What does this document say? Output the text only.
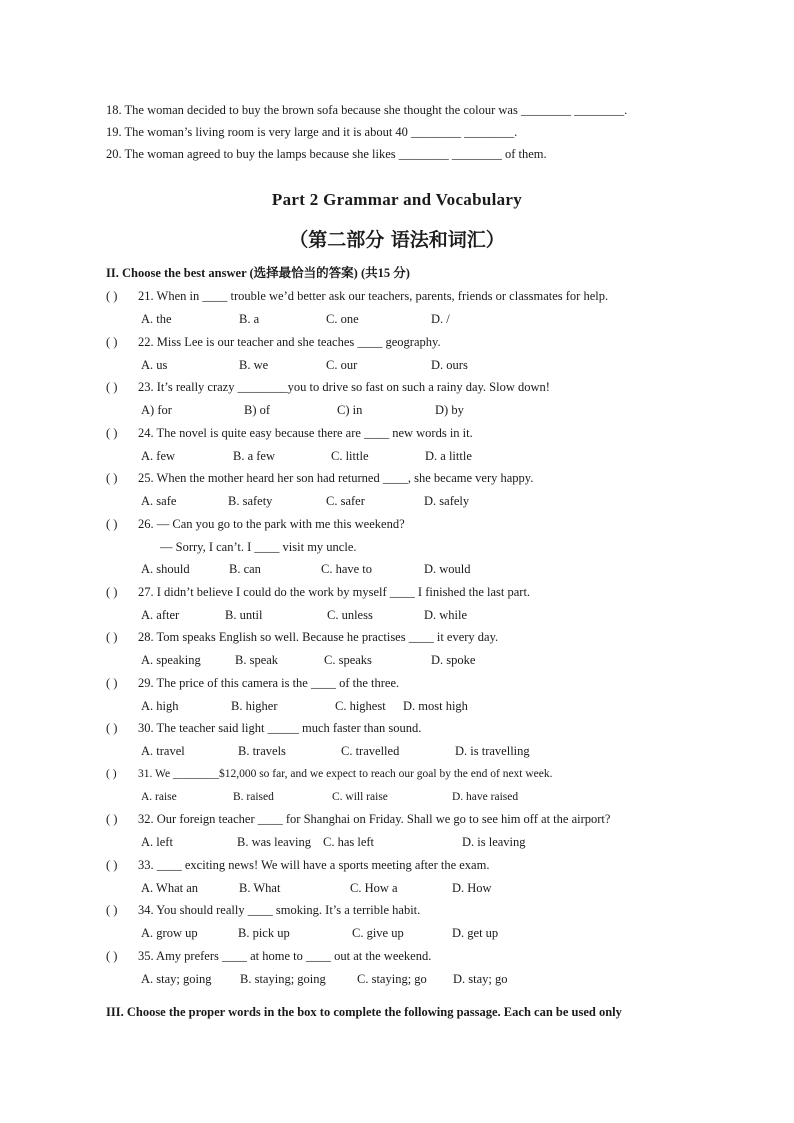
18. The woman decided to buy the brown sofa because she thought the colour was ________ ________.
19. The woman’s living room is very large and it is about 40 ________ ________.
20. The woman agreed to buy the lamps because she likes ________ ________ of them.
Part 2 Grammar and Vocabulary
（第二部分 语法和词汇）
II. Choose the best answer (选择最恰当的答案) (共15 分)
( ) 21. When in ____ trouble we’d better ask our teachers, parents, friends or classmates for help.
A. the	B. a	C. one	D. /
( ) 22. Miss Lee is our teacher and she teaches ____ geography.
A. us	B. we	C. our	D. ours
( ) 23. It’s really crazy ________you to drive so fast on such a rainy day. Slow down!
A) for	B) of	C) in	D) by
( ) 24. The novel is quite easy because there are ____ new words in it.
A. few	B. a few	C. little	D. a little
( ) 25. When the mother heard her son had returned ____, she became very happy.
A. safe	B. safety	C. safer	D. safely
( ) 26. — Can you go to the park with me this weekend?
— Sorry, I can’t. I ____ visit my uncle.
A. should	B. can	C. have to	D. would
( ) 27. I didn’t believe I could do the work by myself ____ I finished the last part.
A. after	B. until	C. unless	D. while
( ) 28. Tom speaks English so well. Because he practises ____ it every day.
A. speaking	B. speak	C. speaks	D. spoke
( ) 29. The price of this camera is the ____ of the three.
A. high	B. higher	C. highest D. most high
( ) 30. The teacher said light _____ much faster than sound.
A. travel	B. travels	C. travelled	D. is travelling
( ) 31. We ________$12,000 so far, and we expect to reach our goal by the end of next week.
A. raise	B. raised	C. will raise	D. have raised
( ) 32. Our foreign teacher ____ for Shanghai on Friday. Shall we go to see him off at the airport?
A. left	B. was leaving C. has left	D. is leaving
( ) 33. ____ exciting news! We will have a sports meeting after the exam.
A. What an	B. What	C. How a	D. How
( ) 34. You should really ____ smoking. It’s a terrible habit.
A. grow up	B. pick up	C. give up	D. get up
( ) 35. Amy prefers ____ at home to ____ out at the weekend.
A. stay; going B. staying; going C. staying; go D. stay; go
III. Choose the proper words in the box to complete the following passage. Each can be used only
